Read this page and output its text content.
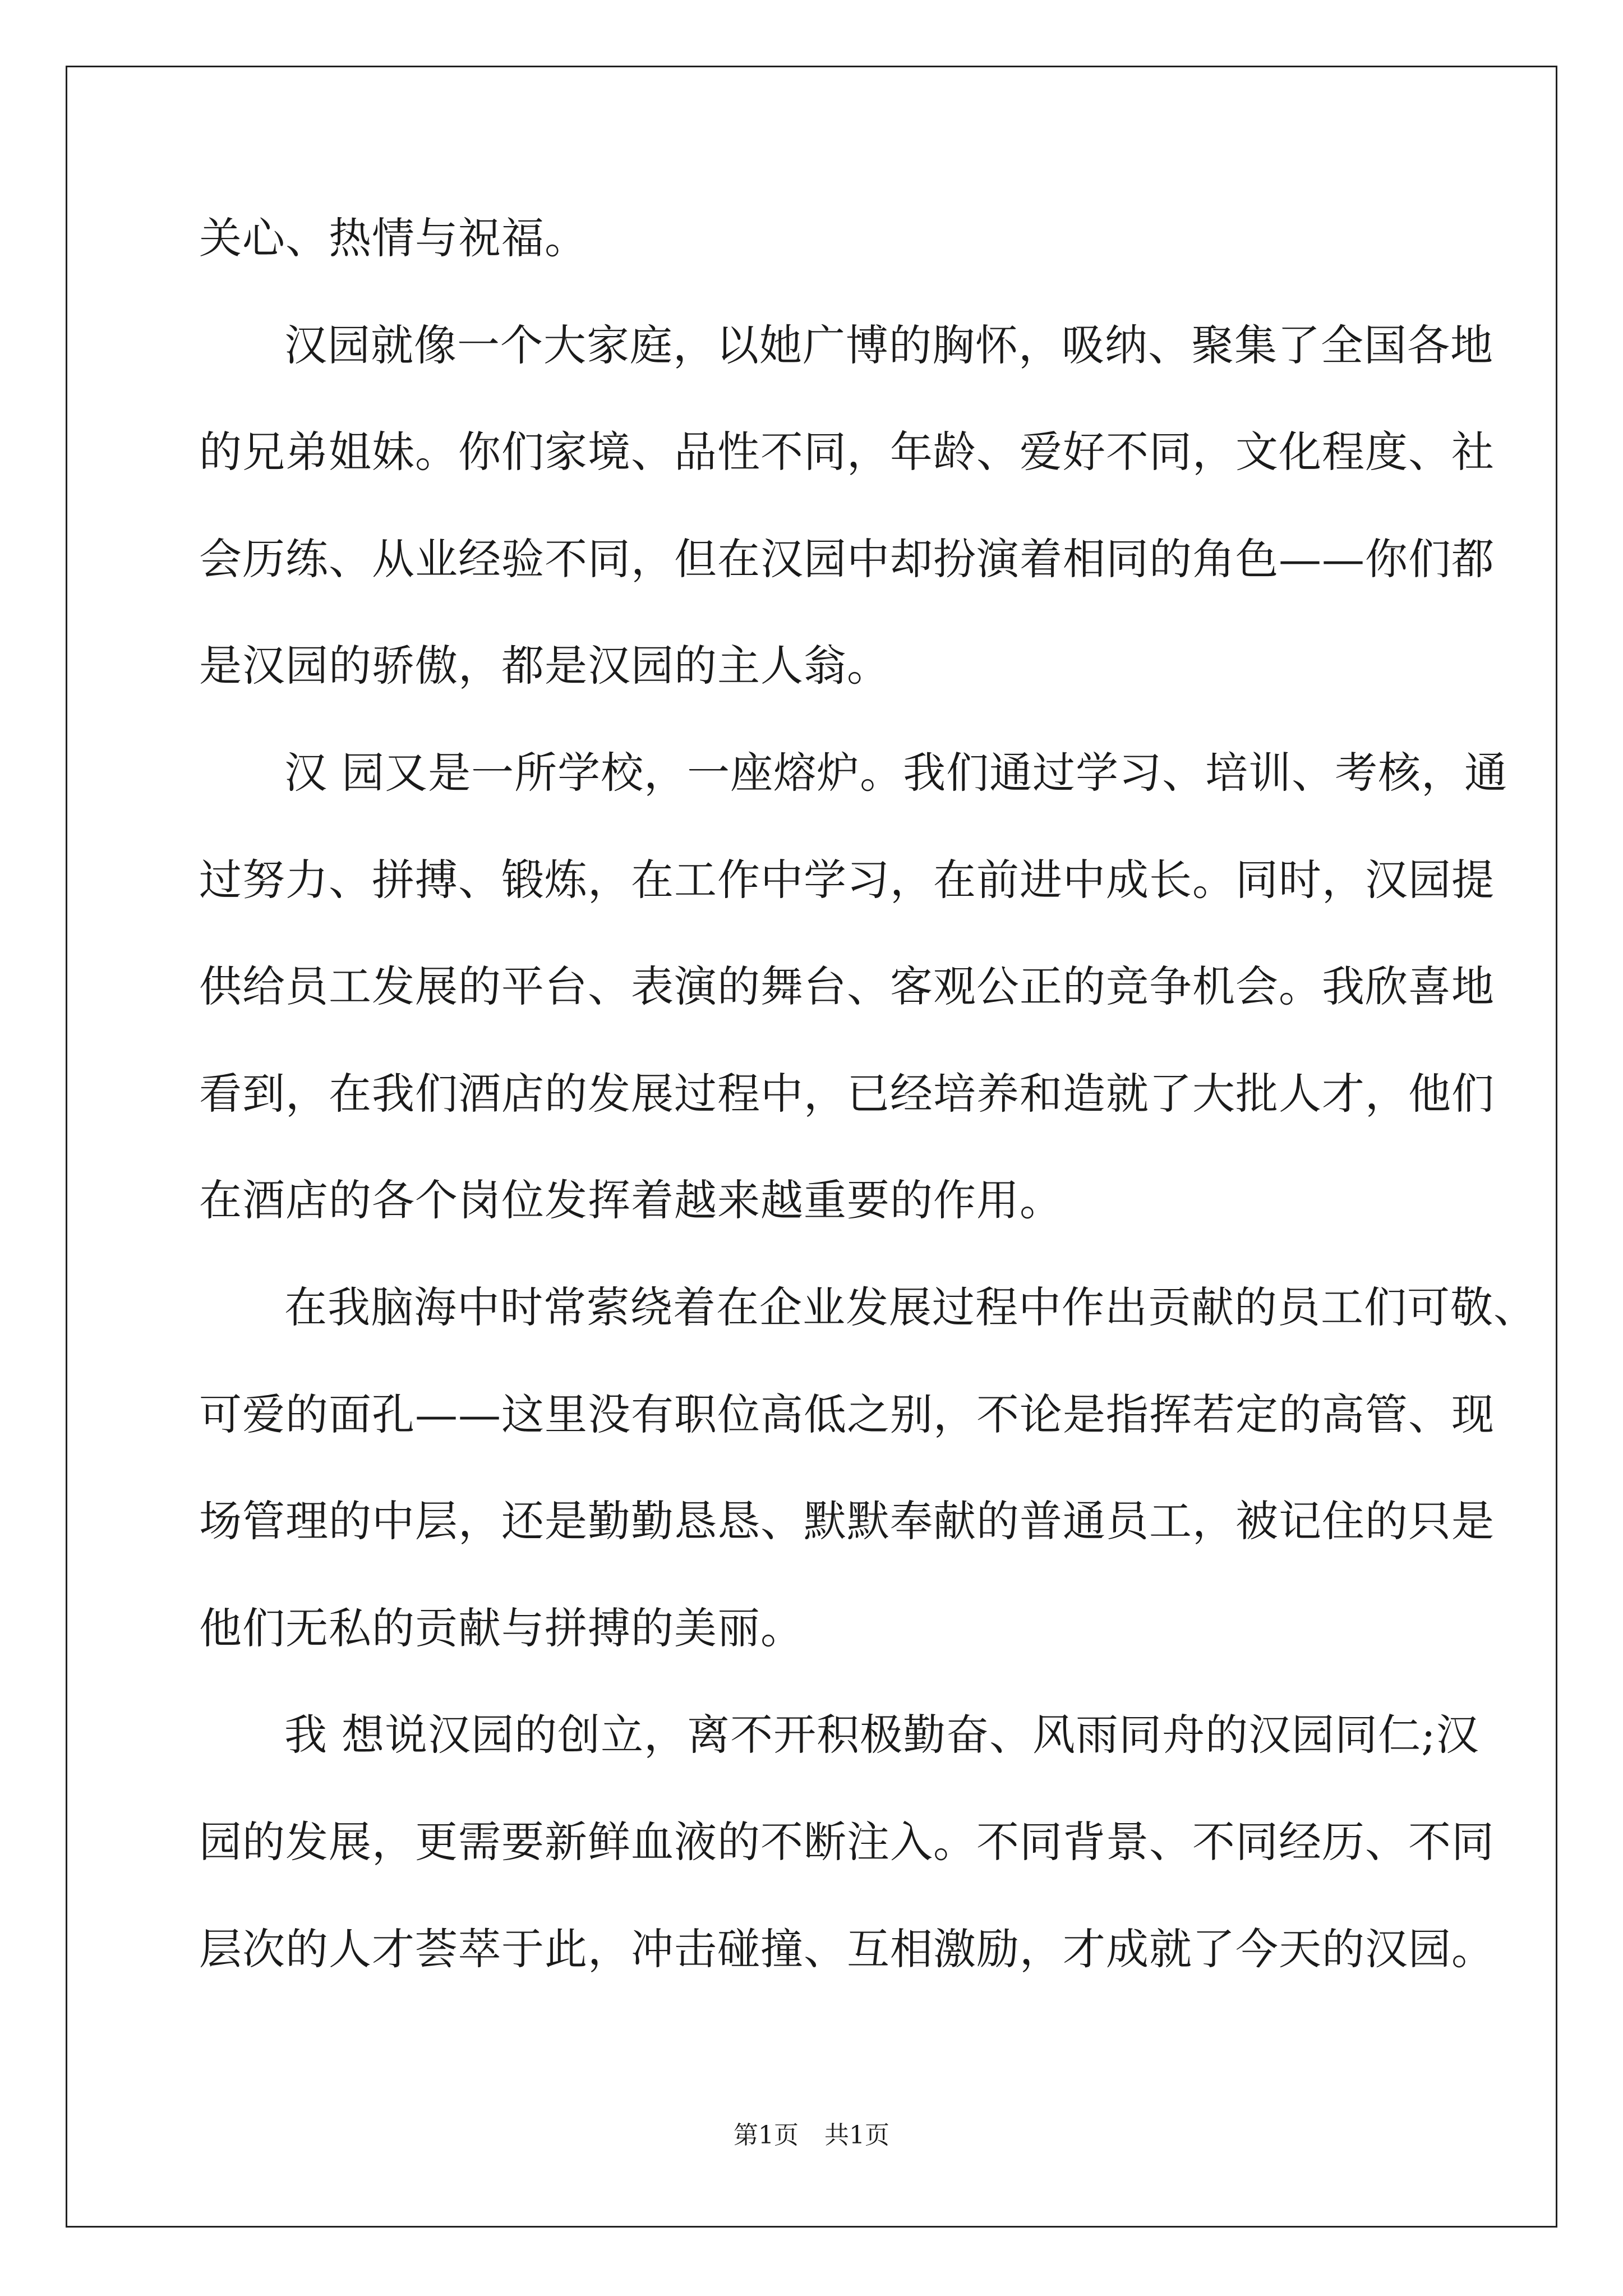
关心、热情与祝福。
汉园就像一个大家庭，以她广博的胸怀，吸纳、聚集了全国各地
的兄弟姐妹。你们家境、品性不同，年龄、爱好不同，文化程度、社
会历练、从业经验不同，但在汉园中却扮演着相同的角色——你们都
是汉园的骄傲，都是汉园的主人翁。
汉 园又是一所学校，一座熔炉。我们通过学习、培训、考核，通
过努力、拼搏、锻炼，在工作中学习，在前进中成长。同时，汉园提
供给员工发展的平台、表演的舞台、客观公正的竞争机会。我欣喜地
看到，在我们酒店的发展过程中，已经培养和造就了大批人才，他们
在酒店的各个岗位发挥着越来越重要的作用。
在我脑海中时常萦绕着在企业发展过程中作出贡献的员工们可敬、
可爱的面孔——这里没有职位高低之别，不论是指挥若定的高管、现
场管理的中层，还是勤勤恳恳、默默奉献的普通员工，被记住的只是
他们无私的贡献与拼搏的美丽。
我 想说汉园的创立，离不开积极勤奋、风雨同舟的汉园同仁;汉
园的发展，更需要新鲜血液的不断注入。不同背景、不同经历、不同
层次的人才荟萃于此，冲击碰撞、互相激励，才成就了今天的汉园。
第1页 共1页
